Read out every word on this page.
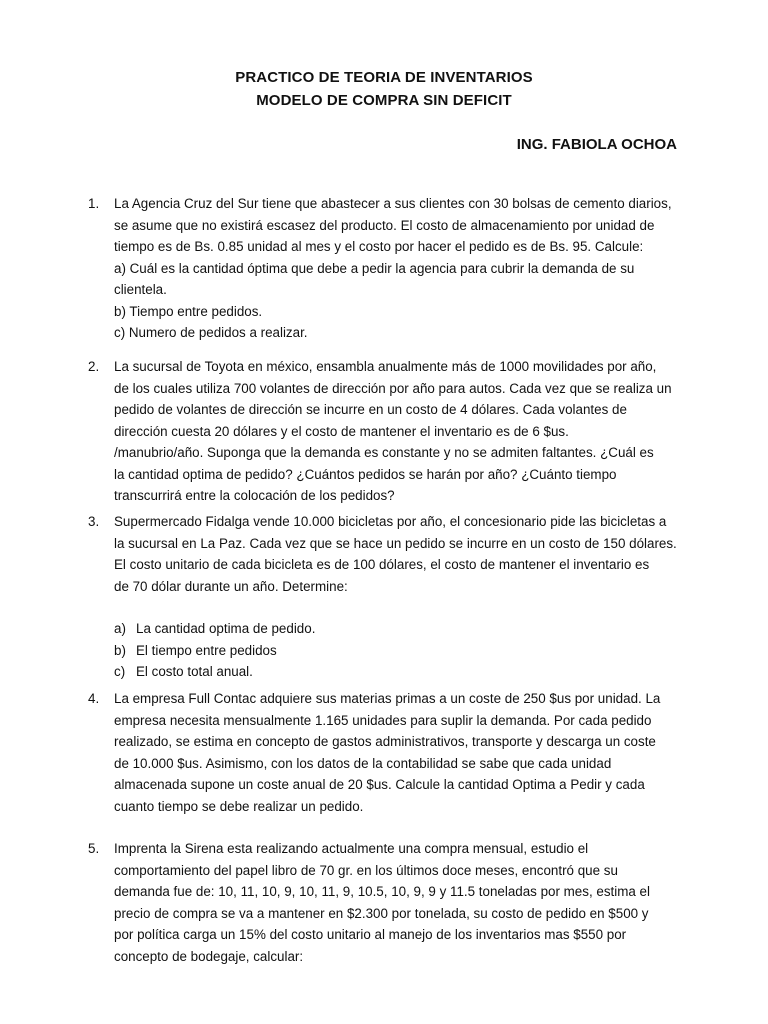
PRACTICO DE TEORIA DE INVENTARIOS
MODELO DE COMPRA SIN DEFICIT
ING. FABIOLA OCHOA
1.	La Agencia Cruz del Sur tiene que abastecer a sus clientes con 30 bolsas de cemento diarios,
se asume que no existirá escasez del producto. El costo de almacenamiento por unidad de
tiempo es de Bs. 0.85 unidad al mes y el costo por hacer el pedido es de Bs. 95. Calcule:
a) Cuál es la cantidad óptima que debe a pedir la agencia para cubrir la demanda de su
clientela.
b) Tiempo entre pedidos.
c) Numero de pedidos a realizar.
2.	La sucursal de Toyota en méxico, ensambla anualmente más de 1000 movilidades por año,
de los cuales utiliza 700 volantes de dirección por año para autos. Cada vez que se realiza un
pedido de volantes de dirección se incurre en un costo de 4 dólares. Cada volantes de
dirección cuesta 20 dólares y el costo de mantener el inventario es de 6 $us.
/manubrio/año. Suponga que la demanda es constante y no se admiten faltantes. ¿Cuál es
la cantidad optima de pedido? ¿Cuántos pedidos se harán por año? ¿Cuánto tiempo
transcurrirá entre la colocación de los pedidos?
3.	Supermercado Fidalga vende 10.000 bicicletas por año, el concesionario pide las bicicletas a
la sucursal en La Paz. Cada vez que se hace un pedido se incurre en un costo de 150 dólares.
El costo unitario de cada bicicleta es de 100 dólares, el costo de mantener el inventario es
de 70 dólar durante un año. Determine:
a) La cantidad optima de pedido.
b) El tiempo entre pedidos
c) El costo total anual.
4.	La empresa Full Contac adquiere sus materias primas a un coste de 250 $us por unidad. La
empresa necesita mensualmente 1.165 unidades para suplir la demanda. Por cada pedido
realizado, se estima en concepto de gastos administrativos, transporte y descarga un coste
de 10.000 $us. Asimismo, con los datos de la contabilidad se sabe que cada unidad
almacenada supone un coste anual de 20 $us. Calcule la cantidad Optima a Pedir y cada
cuanto tiempo se debe realizar un pedido.
5.	Imprenta la Sirena esta realizando actualmente una compra mensual, estudio el
comportamiento del papel libro de 70 gr. en los últimos doce meses, encontró que su
demanda fue de: 10, 11, 10, 9, 10, 11, 9, 10.5, 10, 9, 9 y 11.5 toneladas por mes, estima el
precio de compra se va a mantener en $2.300 por tonelada, su costo de pedido en $500 y
por política carga un 15% del costo unitario al manejo de los inventarios mas $550 por
concepto de bodegaje, calcular:
